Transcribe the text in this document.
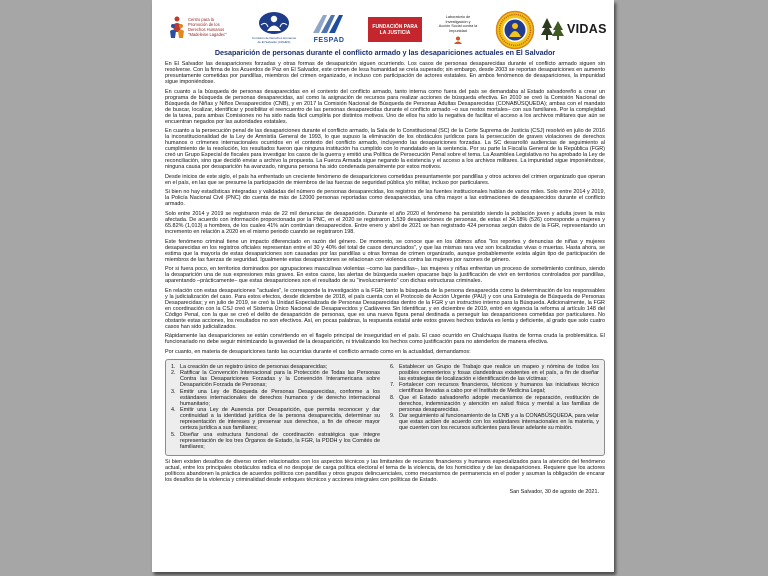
Centro para la
Promoción de los
Derechos Humanos
"Madeleine Lagadec"
Comisión de Derechos Humanos
de El Salvador (CDHES)	FESPAD
FUNDACIÓN PARA
LA JUSTICIA
Laboratorio de
Investigación y
Acción Social contra la
Impunidad	VIDAS
Desaparición de personas durante el conflicto armado y las desapariciones actuales en El Salvador

En El Salvador las desapariciones forzadas y otras formas de desaparición siguen ocurriendo. Los casos de personas desaparecidas durante el conflicto armado siguen sin resolverse. Con la firma de los Acuerdos de Paz en El Salvador, este crimen de lesa humanidad se creía superado; sin embargo, desde 2003 se reportan desapariciones en aumento presuntamente cometidas por pandillas, miembros del crimen organizado, e incluso con participación de actores estatales. En ambos fenómenos de desapariciones, la impunidad sigue imponiéndose.

En cuanto a la búsqueda de personas desaparecidas en el contexto del conflicto armado, tanto interna como fuera del país se demandaba al Estado salvadoreño a crear un programa de búsqueda de personas desaparecidas, así como la asignación de recursos para realizar acciones de búsqueda efectiva. En 2010 se creó la Comisión Nacional de Búsqueda de Niñas y Niños Desaparecidos (CNB), y en 2017 la Comisión Nacional de Búsqueda de Personas Adultas Desaparecidas (CONABÚSQUEDA); ambas con el mandato de buscar, localizar, identificar y posibilitar el reencuentro de las personas desaparecidas durante el conflicto armado –o sus restos mortales– con sus familiares. Por la complejidad de la tarea, para ambas Comisiones no ha sido nada fácil cumplirla por distintos motivos. Uno de ellos ha sido la negativa de facilitar el acceso a los archivos militares que aún se encuentran negados por las autoridades estatales.

En cuanto a la persecución penal de las desapariciones durante el conflicto armado, la Sala de lo Constitucional (SC) de la Corte Suprema de Justicia (CSJ) resolvió en julio de 2016 la inconstitucionalidad de la Ley de Amnistía General de 1993, lo que supuso la eliminación de los obstáculos jurídicos para la persecución de graves violaciones de derechos humanos o crímenes internacionales ocurridos en el contexto del conflicto armado, incluyendo las desapariciones forzadas. La SC desarrolló audiencias de seguimiento al cumplimiento de la resolución, los resultados fueron que ninguna institución ha cumplido con lo mandatado en la sentencia. Por su parte la Fiscalía General de la República (FGR) creó un Grupo Especial de fiscales para investigar los casos de la guerra y emitió una Política de Persecución Penal sobre el tema. La Asamblea Legislativa no ha aprobado la Ley de reconciliación, sino que decidió enviar a archivo la propuesta. La Fuerza Armada sigue negando la existencia y el acceso a los archivos militares. La impunidad sigue imponiéndose, ninguna causa por desaparición ha avanzado, ninguna persona ha sido condenada penalmente por estos motivos.

Desde inicios de este siglo, el país ha enfrentado un creciente fenómeno de desapariciones cometidas presuntamente por pandillas y otros actores del crimen organizado que operan en el país, en las que se presume la participación de miembros de las fuerzas de seguridad pública y/o militar, incluso por particulares.

Si bien no hay estadísticas integradas y validadas del número de personas desaparecidas, los registros de las fuentes institucionales hablan de varios miles. Solo entre 2014 y 2019, la Policía Nacional Civil (PNC) dio cuenta de más de 12000 personas reportadas como desaparecidas, una cifra mayor a las estimaciones de desaparecidos durante el conflicto armado.

Solo entre 2014 y 2019 se registraron más de 22 mil denuncias de desaparición. Durante el año 2020 el fenómeno ha persistido siendo la población joven y adulta joven la más afectada. De acuerdo con información proporcionada por la PNC, en el 2020 se registraron 1,539 desapariciones de personas, de estas el 34.18% (526) corresponde a mujeres y 65.82% (1,013) a hombres, de los cuales 41% aún continúan desaparecidos. Entre enero y abril de 2021 se han registrado 424 personas según datos de la FGR, representando un incremento en relación a 2020 en el mismo periodo cuando se registraron 198.

Este fenómeno criminal tiene un impacto diferenciado en razón del género. De momento, se conoce que en los últimos años "los reportes y denuncias de niñas y mujeres desaparecidas en los registros oficiales representan entre el 30 y 40% del total de casos denunciados", y que las mismas rara vez son localizadas vivas o muertas. Hasta ahora, se estima que la mayoría de estas desapariciones son causadas por las pandillas u otras formas de crimen organizado, aunque probablemente exista algún tipo de participación de miembros de las fuerzas de seguridad. Igualmente estas desapariciones se relacionan con violencia contra las mujeres por razones de género.

Por si fuera poco, en territorios dominados por agrupaciones masculinas violentas –como las pandillas–, las mujeres y niñas enfrentan un proceso de sometimiento continuo, siendo la desaparición una de sus expresiones más graves. En estos casos, las alertas de búsqueda suelen opacarse bajo la justificación de vivir en territorios controlados por pandillas, aparentando –prácticamente– que estas desapariciones son el resultado de su "involucramiento" con dichas estructuras criminales.

En relación con estas desapariciones "actuales", le corresponde la investigación a la FGR; tanto la búsqueda de la persona desaparecida como la determinación de los responsables y la judicialización del caso. Para estos efectos, desde diciembre de 2018, el país cuenta con el Protocolo de Acción Urgente (PAU) y con una Estrategia de Búsqueda de Personas Desaparecidas; y en julio de 2019, se creó la Unidad Especializada de Personas Desaparecidas dentro de la FGR y un instructivo interno para la Búsqueda. Adicionalmente, la FGR en coordinación con la CSJ creó el Sistema Único Nacional de Desaparecidos y Cadáveres Sin Identificar, y en diciembre de 2019, entró en vigencia la reforma al artículo 148 del Código Penal, con la que se creó el delito de desaparición de personas, que es una nueva figura penal destinada a perseguir las desapariciones cometidas por particulares. No obstante estas acciones, los resultados no son efectivos. Así, en pocas palabras, la respuesta estatal ante estos graves hechos todavía es lenta y deficiente, al grado que solo cuatro casos han sido judicializados.

Rápidamente las desapariciones se están convirtiendo en el flagelo principal de inseguridad en el país. El caso ocurrido en Chalchuapa ilustra de forma cruda la problemática. El funcionariado no debe seguir minimizando la gravedad de la desaparición, ni trivializando los hechos como justificación para no atenderlos de manera efectiva.

Por cuanto, en materia de desapariciones tanto las ocurridas durante el conflicto armado como en la actualidad, demandamos:

1. La creación de un registro único de personas desaparecidas;
2. Ratificar la Convención Internacional para la Protección de Todas las Personas Contra las Desapariciones Forzadas y la Convención Interamericana sobre Desaparición Forzada de Personas;
3. Emitir una Ley de Búsqueda de Personas Desaparecidas, conforme a los estándares internacionales de derechos humanos y de derecho internacional humanitario;
4. Emitir una Ley de Ausencia por Desaparición, que permita reconocer y dar continuidad a la identidad jurídica de la persona desaparecida, determinar su representación de intereses y preservar sus derechos, a fin de ofrecer mayor certeza jurídica a sus familiares;
5. Diseñar una estructura funcional de coordinación estratégica que integre representación de los tres Órganos de Estado, la FGR, la PDDH y los Comités de familiares;
6. Establecer un Grupo de Trabajo que realice un mapeo y nómina de todos los posibles cementerios y fosas clandestinas existentes en el país, a fin de diseñar las estrategias de localización e identificación de las víctimas;
7. Fortalecer con recursos financieros, técnicos y humanos las iniciativas técnico científicas llevadas a cabo por el Instituto de Medicina Legal;
8. Que el Estado salvadoreño adopte mecanismos de reparación, restitución de derechos, indemnización y atención en salud física y mental a las familias de personas desaparecidas.
9. Dar seguimiento al funcionamiento de la CNB y a la CONABÚSQUEDA, para velar que estas actúen de acuerdo con los estándares internacionales en la materia, y que cuenten con los recursos suficientes para llevar adelante su misión.

Si bien existen desafíos de diverso orden relacionados con los aspectos técnicos y las limitantes de recursos financieros y humanos especializados para la atención del fenómeno actual, entre los principales obstáculos radica el no despojar de carga política electoral el tema de la violencia, de los homicidios y de las desapariciones. Requiere que los actores políticos abandonen la práctica de acuerdos políticos con pandillas y otros grupos delincuenciales, como mecanismos de permanencia en el poder y asuman la obligación de encarar los desafíos de la violencia y criminalidad desde enfoques técnicos y acciones integrales con políticas de Estado.

San Salvador, 30 de agosto de 2021.
